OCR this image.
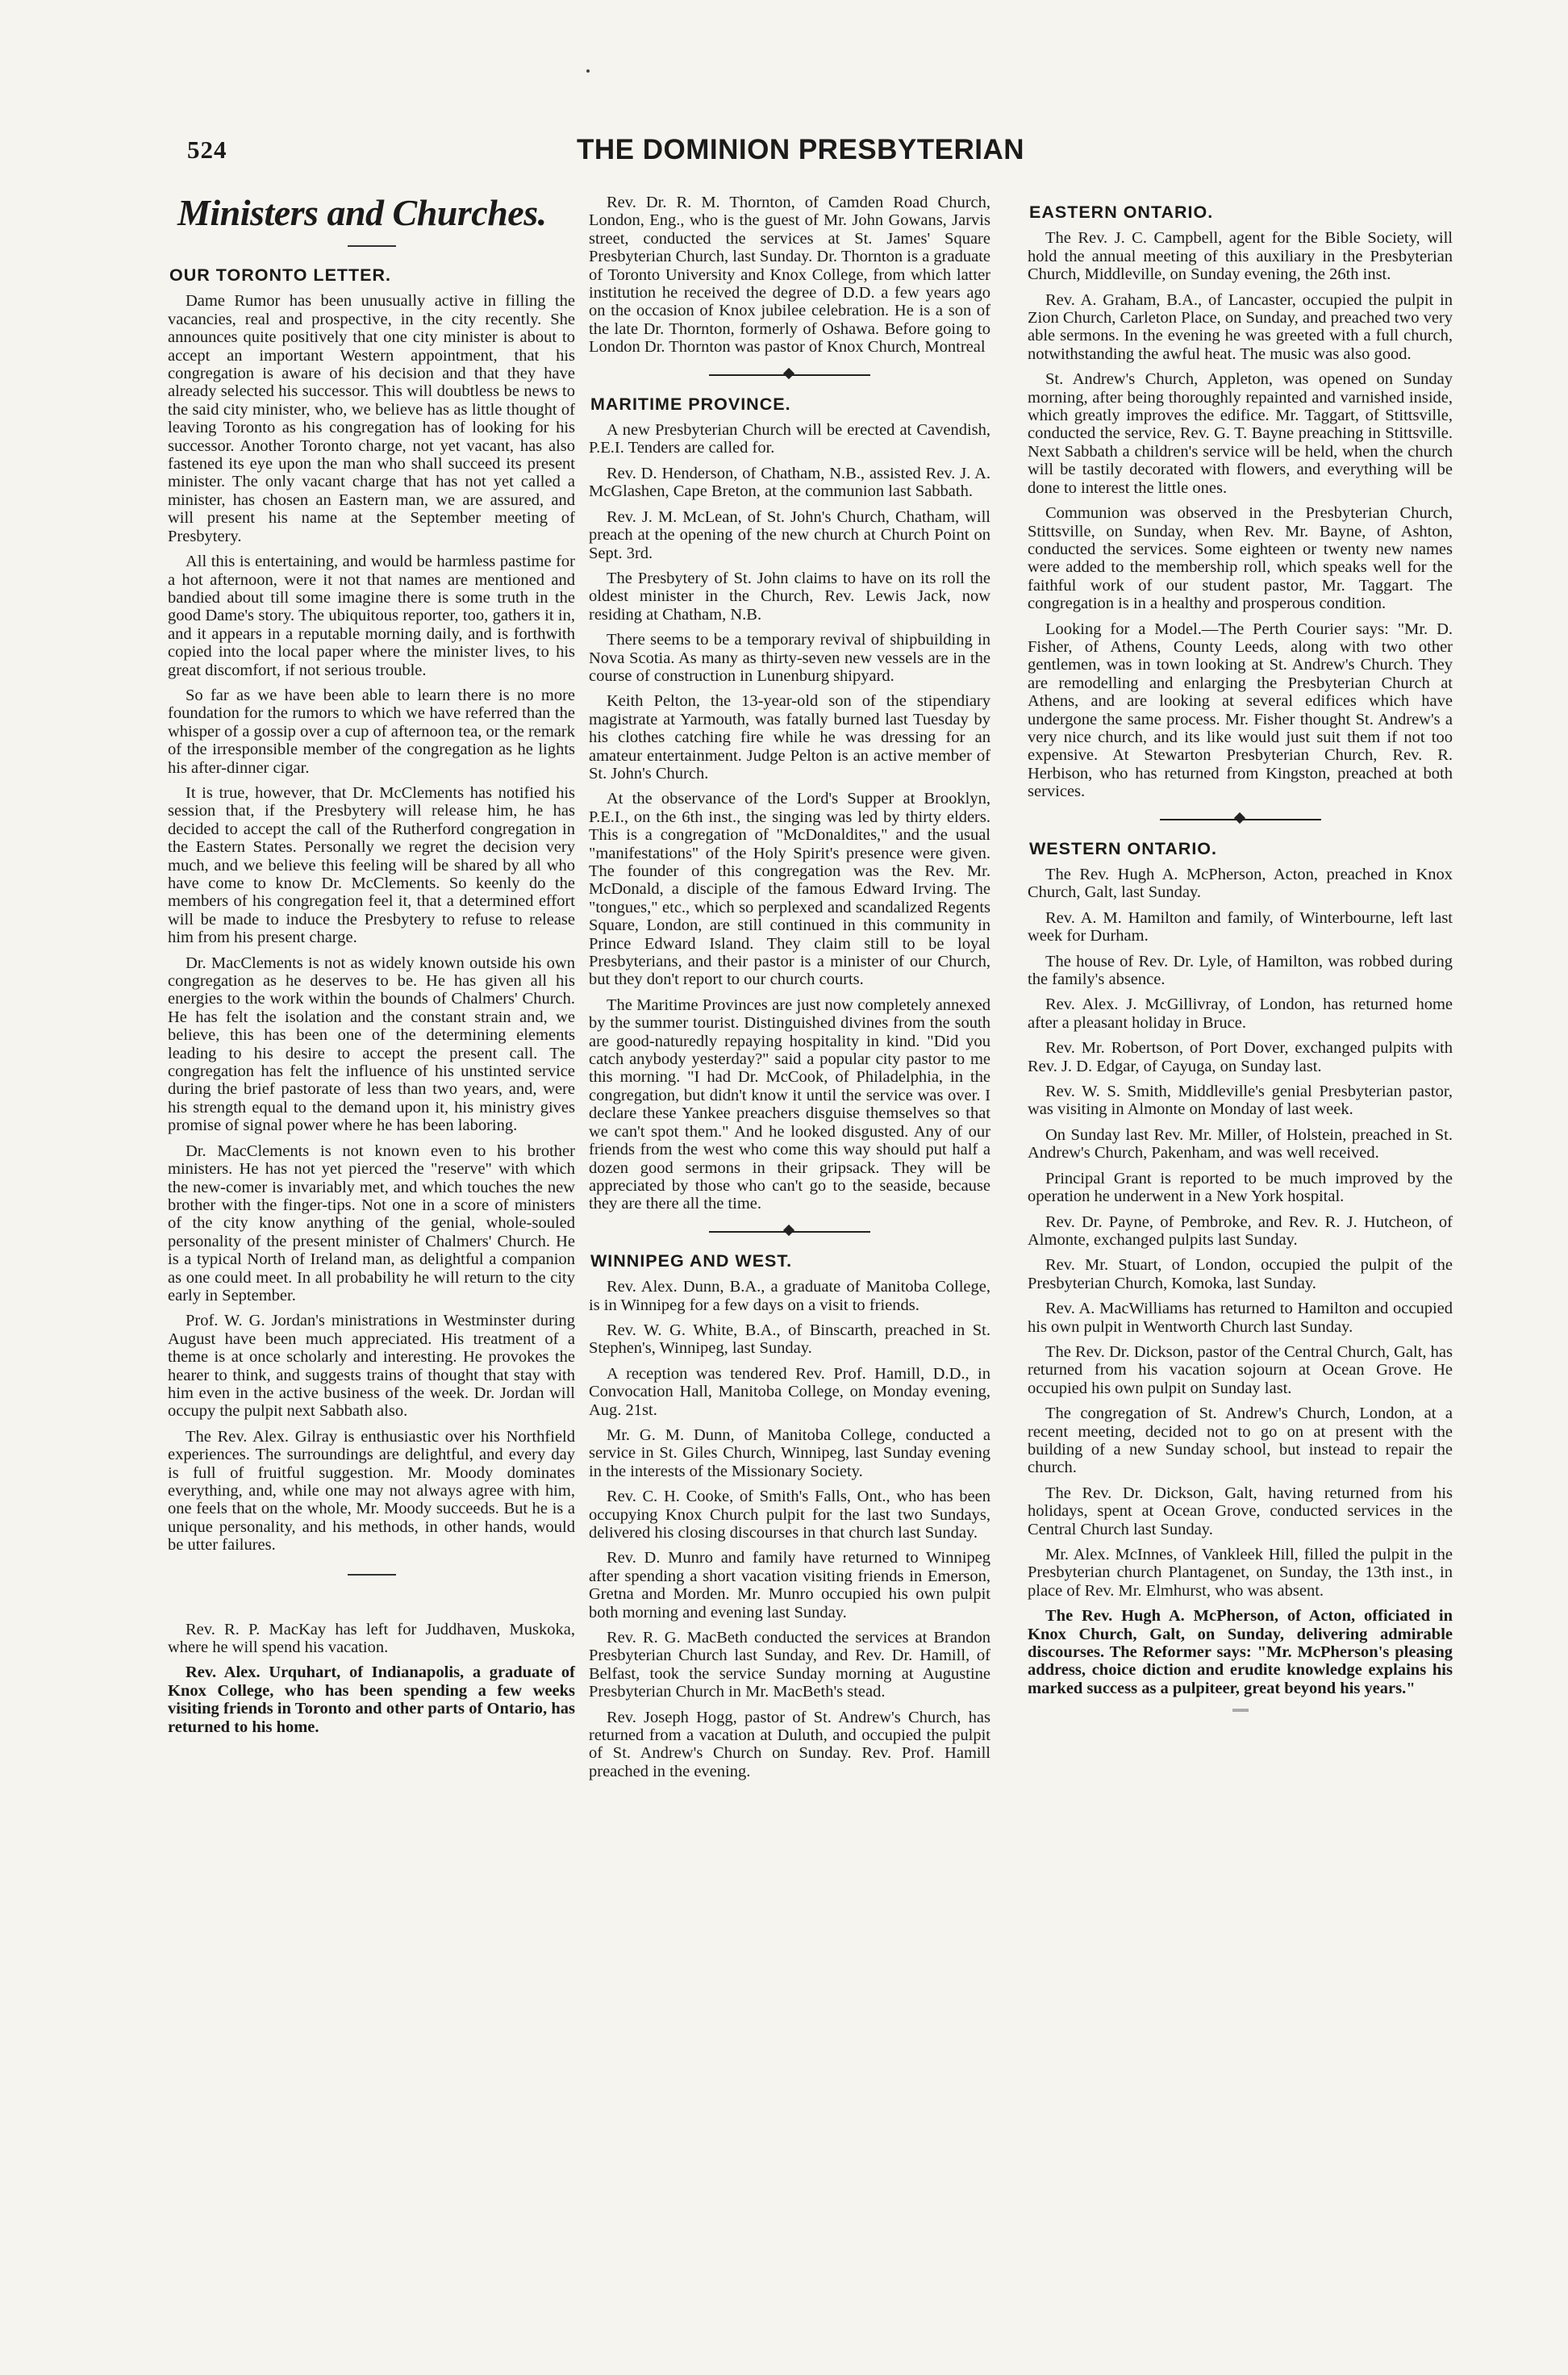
524	THE DOMINION PRESBYTERIAN
Ministers and Churches.
OUR TORONTO LETTER.

Dame Rumor has been unusually active in filling the vacancies, real and prospective, in the city recently. She announces quite positively that one city minister is about to accept an important Western appointment, that his congregation is aware of his decision and that they have already selected his successor. This will doubtless be news to the said city minister, who, we believe has as little thought of leaving Toronto as his congregation has of looking for his successor. Another Toronto charge, not yet vacant, has also fastened its eye upon the man who shall succeed its present minister. The only vacant charge that has not yet called a minister, has chosen an Eastern man, we are assured, and will present his name at the September meeting of Presbytery.

All this is entertaining, and would be harmless pastime for a hot afternoon, were it not that names are mentioned and bandied about till some imagine there is some truth in the good Dame's story. The ubiquitous reporter, too, gathers it in, and it appears in a reputable morning daily, and is forthwith copied into the local paper where the minister lives, to his great discomfort, if not serious trouble.

So far as we have been able to learn there is no more foundation for the rumors to which we have referred than the whisper of a gossip over a cup of afternoon tea, or the remark of the irresponsible member of the congregation as he lights his after-dinner cigar.

It is true, however, that Dr. McClements has notified his session that, if the Presbytery will release him, he has decided to accept the call of the Rutherford congregation in the Eastern States. Personally we regret the decision very much, and we believe this feeling will be shared by all who have come to know Dr. McClements. So keenly do the members of his congregation feel it, that a determined effort will be made to induce the Presbytery to refuse to release him from his present charge.

Dr. MacClements is not as widely known outside his own congregation as he deserves to be. He has given all his energies to the work within the bounds of Chalmers' Church. He has felt the isolation and the constant strain and, we believe, this has been one of the determining elements leading to his desire to accept the present call. The congregation has felt the influence of his unstinted service during the brief pastorate of less than two years, and, were his strength equal to the demand upon it, his ministry gives promise of signal power where he has been laboring.

Dr. MacClements is not known even to his brother ministers. He has not yet pierced the "reserve" with which the new-comer is invariably met, and which touches the new brother with the finger-tips. Not one in a score of ministers of the city know anything of the genial, whole-souled personality of the present minister of Chalmers' Church. He is a typical North of Ireland man, as delightful a companion as one could meet. In all probability he will return to the city early in September.

Prof. W. G. Jordan's ministrations in Westminster during August have been much appreciated. His treatment of a theme is at once scholarly and interesting. He provokes the hearer to think, and suggests trains of thought that stay with him even in the active business of the week. Dr. Jordan will occupy the pulpit next Sabbath also.

The Rev. Alex. Gilray is enthusiastic over his Northfield experiences. The surroundings are delightful, and every day is full of fruitful suggestion. Mr. Moody dominates everything, and, while one may not always agree with him, one feels that on the whole, Mr. Moody succeeds. But he is a unique personality, and his methods, in other hands, would be utter failures.

Rev. R. P. MacKay has left for Juddhaven, Muskoka, where he will spend his vacation.

Rev. Alex. Urquhart, of Indianapolis, a graduate of Knox College, who has been spending a few weeks visiting friends in Toronto and other parts of Ontario, has returned to his home.

Rev. Dr. R. M. Thornton, of Camden Road Church, London, Eng., who is the guest of Mr. John Gowans, Jarvis street, conducted the services at St. James' Square Presbyterian Church, last Sunday. Dr. Thornton is a graduate of Toronto University and Knox College, from which latter institution he received the degree of D.D. a few years ago on the occasion of Knox jubilee celebration. He is a son of the late Dr. Thornton, formerly of Oshawa. Before going to London Dr. Thornton was pastor of Knox Church, Montreal

MARITIME PROVINCE.

A new Presbyterian Church will be erected at Cavendish, P.E.I. Tenders are called for.

Rev. D. Henderson, of Chatham, N.B., assisted Rev. J. A. McGlashen, Cape Breton, at the communion last Sabbath.

Rev. J. M. McLean, of St. John's Church, Chatham, will preach at the opening of the new church at Church Point on Sept. 3rd.

The Presbytery of St. John claims to have on its roll the oldest minister in the Church, Rev. Lewis Jack, now residing at Chatham, N.B.

There seems to be a temporary revival of shipbuilding in Nova Scotia. As many as thirty-seven new vessels are in the course of construction in Lunenburg shipyard.

Keith Pelton, the 13-year-old son of the stipendiary magistrate at Yarmouth, was fatally burned last Tuesday by his clothes catching fire while he was dressing for an amateur entertainment. Judge Pelton is an active member of St. John's Church.

At the observance of the Lord's Supper at Brooklyn, P.E.I., on the 6th inst., the singing was led by thirty elders. This is a congregation of "McDonaldites," and the usual "manifestations" of the Holy Spirit's presence were given. The founder of this congregation was the Rev. Mr. McDonald, a disciple of the famous Edward Irving. The "tongues," etc., which so perplexed and scandalized Regents Square, London, are still continued in this community in Prince Edward Island. They claim still to be loyal Presbyterians, and their pastor is a minister of our Church, but they don't report to our church courts.

The Maritime Provinces are just now completely annexed by the summer tourist. Distinguished divines from the south are good-naturedly repaying hospitality in kind. "Did you catch anybody yesterday?" said a popular city pastor to me this morning. "I had Dr. McCook, of Philadelphia, in the congregation, but didn't know it until the service was over. I declare these Yankee preachers disguise themselves so that we can't spot them." And he looked disgusted. Any of our friends from the west who come this way should put half a dozen good sermons in their gripsack. They will be appreciated by those who can't go to the seaside, because they are there all the time.

WINNIPEG AND WEST.

Rev. Alex. Dunn, B.A., a graduate of Manitoba College, is in Winnipeg for a few days on a visit to friends.

Rev. W. G. White, B.A., of Binscarth, preached in St. Stephen's, Winnipeg, last Sunday.

A reception was tendered Rev. Prof. Hamill, D.D., in Convocation Hall, Manitoba College, on Monday evening, Aug. 21st.

Mr. G. M. Dunn, of Manitoba College, conducted a service in St. Giles Church, Winnipeg, last Sunday evening in the interests of the Missionary Society.

Rev. C. H. Cooke, of Smith's Falls, Ont., who has been occupying Knox Church pulpit for the last two Sundays, delivered his closing discourses in that church last Sunday.

Rev. D. Munro and family have returned to Winnipeg after spending a short vacation visiting friends in Emerson, Gretna and Morden. Mr. Munro occupied his own pulpit both morning and evening last Sunday.

Rev. R. G. MacBeth conducted the services at Brandon Presbyterian Church last Sunday, and Rev. Dr. Hamill, of Belfast, took the service Sunday morning at Augustine Presbyterian Church in Mr. MacBeth's stead.

Rev. Joseph Hogg, pastor of St. Andrew's Church, has returned from a vacation at Duluth, and occupied the pulpit of St. Andrew's Church on Sunday. Rev. Prof. Hamill preached in the evening.

EASTERN ONTARIO.

The Rev. J. C. Campbell, agent for the Bible Society, will hold the annual meeting of this auxiliary in the Presbyterian Church, Middleville, on Sunday evening, the 26th inst.

Rev. A. Graham, B.A., of Lancaster, occupied the pulpit in Zion Church, Carleton Place, on Sunday, and preached two very able sermons. In the evening he was greeted with a full church, notwithstanding the awful heat. The music was also good.

St. Andrew's Church, Appleton, was opened on Sunday morning, after being thoroughly repainted and varnished inside, which greatly improves the edifice. Mr. Taggart, of Stittsville, conducted the service, Rev. G. T. Bayne preaching in Stittsville. Next Sabbath a children's service will be held, when the church will be tastily decorated with flowers, and everything will be done to interest the little ones.

Communion was observed in the Presbyterian Church, Stittsville, on Sunday, when Rev. Mr. Bayne, of Ashton, conducted the services. Some eighteen or twenty new names were added to the membership roll, which speaks well for the faithful work of our student pastor, Mr. Taggart. The congregation is in a healthy and prosperous condition.

Looking for a Model.—The Perth Courier says: "Mr. D. Fisher, of Athens, County Leeds, along with two other gentlemen, was in town looking at St. Andrew's Church. They are remodelling and enlarging the Presbyterian Church at Athens, and are looking at several edifices which have undergone the same process. Mr. Fisher thought St. Andrew's a very nice church, and its like would just suit them if not too expensive. At Stewarton Presbyterian Church, Rev. R. Herbison, who has returned from Kingston, preached at both services.

WESTERN ONTARIO.

The Rev. Hugh A. McPherson, Acton, preached in Knox Church, Galt, last Sunday.

Rev. A. M. Hamilton and family, of Winterbourne, left last week for Durham.

The house of Rev. Dr. Lyle, of Hamilton, was robbed during the family's absence.

Rev. Alex. J. McGillivray, of London, has returned home after a pleasant holiday in Bruce.

Rev. Mr. Robertson, of Port Dover, exchanged pulpits with Rev. J. D. Edgar, of Cayuga, on Sunday last.

Rev. W. S. Smith, Middleville's genial Presbyterian pastor, was visiting in Almonte on Monday of last week.

On Sunday last Rev. Mr. Miller, of Holstein, preached in St. Andrew's Church, Pakenham, and was well received.

Principal Grant is reported to be much improved by the operation he underwent in a New York hospital.

Rev. Dr. Payne, of Pembroke, and Rev. R. J. Hutcheon, of Almonte, exchanged pulpits last Sunday.

Rev. Mr. Stuart, of London, occupied the pulpit of the Presbyterian Church, Komoka, last Sunday.

Rev. A. MacWilliams has returned to Hamilton and occupied his own pulpit in Wentworth Church last Sunday.

The Rev. Dr. Dickson, pastor of the Central Church, Galt, has returned from his vacation sojourn at Ocean Grove. He occupied his own pulpit on Sunday last.

The congregation of St. Andrew's Church, London, at a recent meeting, decided not to go on at present with the building of a new Sunday school, but instead to repair the church.

The Rev. Dr. Dickson, Galt, having returned from his holidays, spent at Ocean Grove, conducted services in the Central Church last Sunday.

Mr. Alex. McInnes, of Vankleek Hill, filled the pulpit in the Presbyterian church Plantagenet, on Sunday, the 13th inst., in place of Rev. Mr. Elmhurst, who was absent.

The Rev. Hugh A. McPherson, of Acton, officiated in Knox Church, Galt, on Sunday, delivering admirable discourses. The Reformer says: "Mr. McPherson's pleasing address, choice diction and erudite knowledge explains his marked success as a pulpiteer, great beyond his years."
